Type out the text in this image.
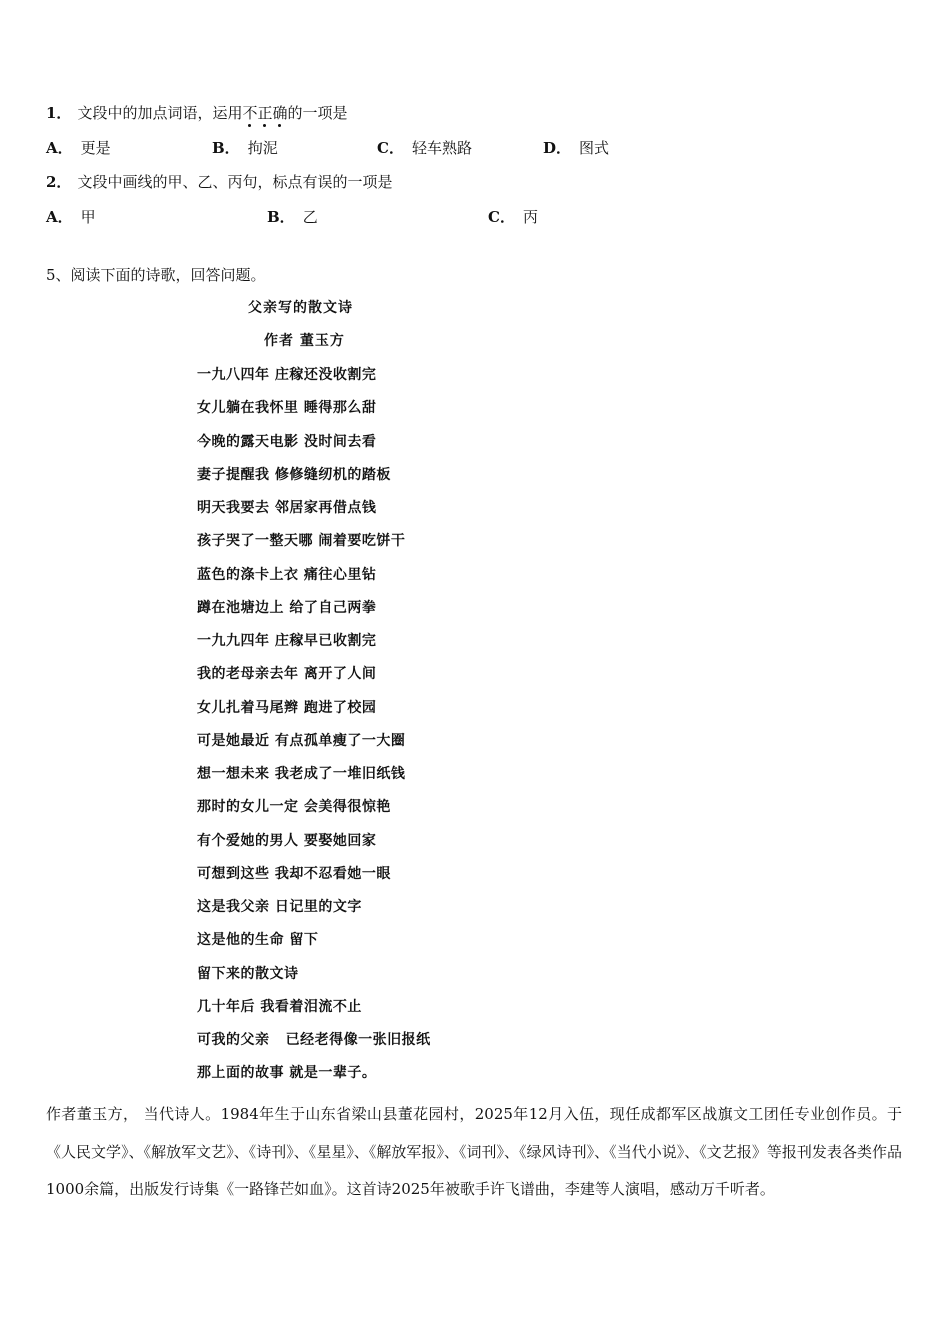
1． 文段中的加点词语，运用不正确的一项是
A． 更是	B． 拘泥	C． 轻车熟路	D． 图式
2． 文段中画线的甲、乙、丙句，标点有误的一项是
A． 甲	B． 乙	C． 丙
5、阅读下面的诗歌，回答问题。
父亲写的散文诗
作者 董玉方
一九八四年 庄稼还没收割完
女儿躺在我怀里 睡得那么甜
今晚的露天电影 没时间去看
妻子提醒我 修修缝纫机的踏板
明天我要去 邻居家再借点钱
孩子哭了一整天哪 闹着要吃饼干
蓝色的涤卡上衣 痛往心里钻
蹲在池塘边上 给了自己两拳
一九九四年 庄稼早已收割完
我的老母亲去年 离开了人间
女儿扎着马尾辫 跑进了校园
可是她最近 有点孤单瘦了一大圈
想一想未来 我老成了一堆旧纸钱
那时的女儿一定 会美得很惊艳
有个爱她的男人 要娶她回家
可想到这些 我却不忍看她一眼
这是我父亲 日记里的文字
这是他的生命 留下
留下来的散文诗
几十年后 我看着泪流不止
可我的父亲   已经老得像一张旧报纸
那上面的故事 就是一辈子。

作者董玉方， 当代诗人。1984年生于山东省梁山县董花园村，2025年12月入伍，现任成都军区战旗文工团任专业创作员。于《人民文学》、《解放军文艺》、《诗刊》、《星星》、《解放军报》、《词刊》、《绿风诗刊》、《当代小说》、《文艺报》等报刊发表各类作品1000余篇，出版发行诗集《一路锋芒如血》。这首诗2025年被歌手许飞谱曲，李建等人演唱，感动万千听者。
